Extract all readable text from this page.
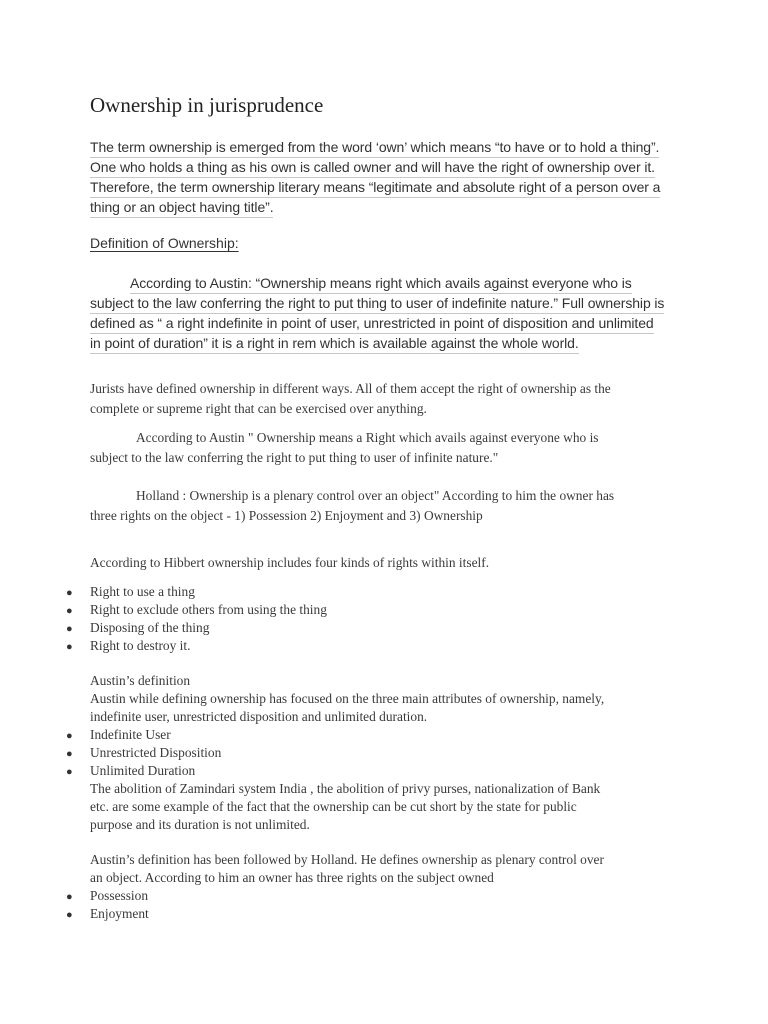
Ownership in jurisprudence
The term ownership is emerged from the word ‘own’ which means “to have or to hold a thing”.
One who holds a thing as his own is called owner and will have the right of ownership over it.
Therefore, the term ownership literary means “legitimate and absolute right of a person over a
thing or an object having title”.
Definition of Ownership:
According to Austin: “Ownership means right which avails against everyone who is
subject to the law conferring the right to put thing to user of indefinite nature.” Full ownership is
defined as “ a right indefinite in point of user, unrestricted in point of disposition and unlimited
in point of duration” it is a right in rem which is available against the whole world.
Jurists have defined ownership in different ways. All of them accept the right of ownership as the
complete or supreme right that can be exercised over anything.
According to Austin " Ownership means a Right which avails against everyone who is
subject to the law conferring the right to put thing to user of infinite nature."
Holland : Ownership is a plenary control over an object" According to him the owner has
three rights on the object - 1) Possession 2) Enjoyment and 3) Ownership
According to Hibbert ownership includes four kinds of rights within itself.
● Right to use a thing
● Right to exclude others from using the thing
● Disposing of the thing
● Right to destroy it.
Austin’s definition
Austin while defining ownership has focused on the three main attributes of ownership, namely,
indefinite user, unrestricted disposition and unlimited duration.
● Indefinite User
● Unrestricted Disposition
● Unlimited Duration
The abolition of Zamindari system India , the abolition of privy purses, nationalization of Bank
etc. are some example of the fact that the ownership can be cut short by the state for public
purpose and its duration is not unlimited.
Austin’s definition has been followed by Holland. He defines ownership as plenary control over
an object. According to him an owner has three rights on the subject owned
● Possession
● Enjoyment
